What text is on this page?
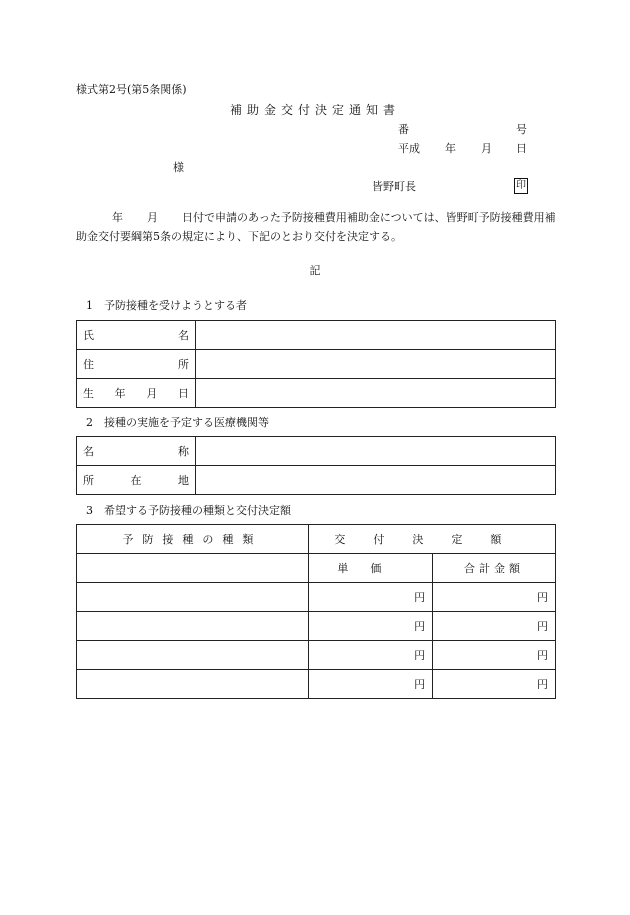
様式第2号(第5条関係)
補助金交付決定通知書
番	号
平成 年 月 日
様
皆野町長	印
年 月 日付で申請のあった予防接種費用補助金については、皆野町予防接種費用補助金交付要綱第5条の規定により、下記のとおり交付を決定する。
記
1　予防接種を受けようとする者
氏 名	

住 所	

生 年 月 日	

2　接種の実施を予定する医療機関等
名 称	

所 在 地	

3　希望する予防接種の種類と交付決定額
予防接種の種類	交付決定額	
	単価	合計金額
	円	円
	円	円
	円	円
	円	円
